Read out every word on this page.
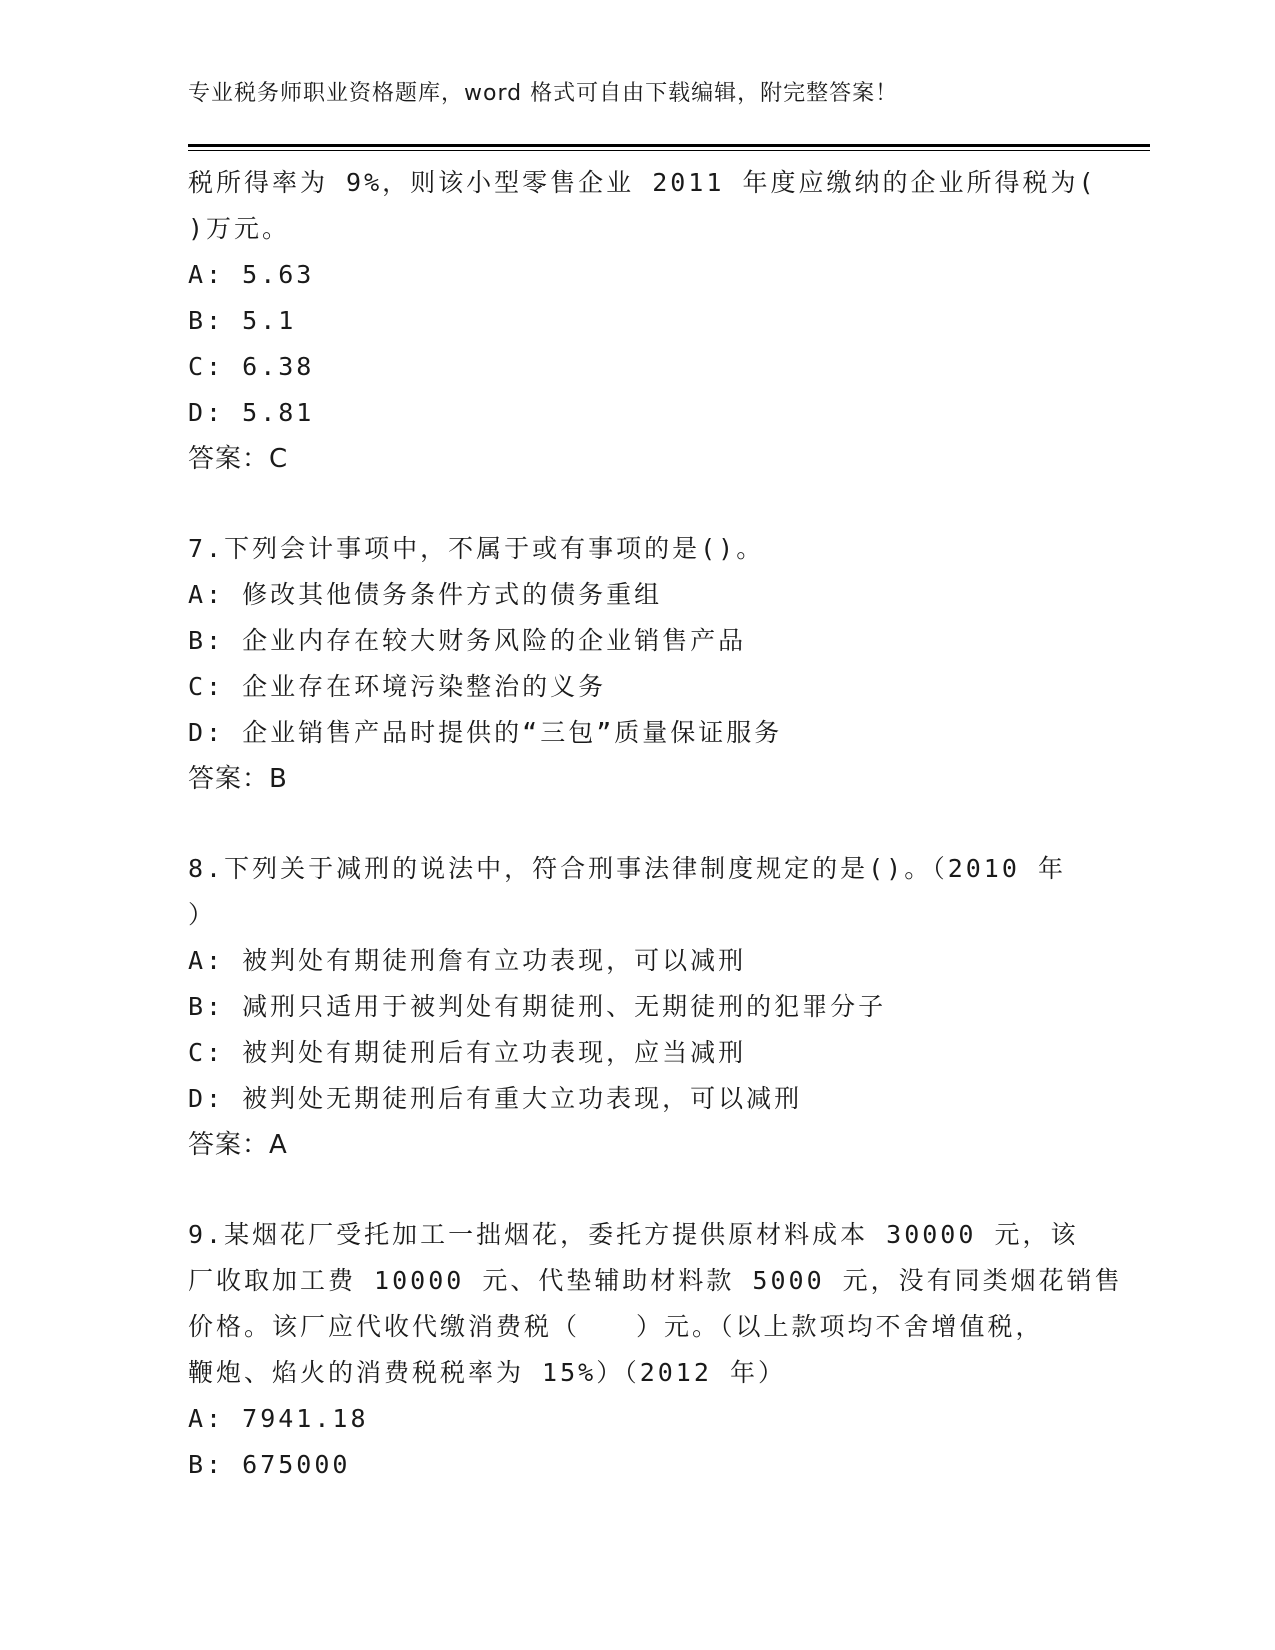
专业税务师职业资格题库，word 格式可自由下载编辑，附完整答案！
税所得率为 9%，则该小型零售企业 2011 年度应缴纳的企业所得税为(
)万元。
A: 5.63
B: 5.1
C: 6.38
D: 5.81
答案：C
7.下列会计事项中，不属于或有事项的是()。
A: 修改其他债务条件方式的债务重组
B: 企业内存在较大财务风险的企业销售产品
C: 企业存在环境污染整治的义务
D: 企业销售产品时提供的“三包”质量保证服务
答案：B
8.下列关于减刑的说法中，符合刑事法律制度规定的是()。（2010 年
）
A: 被判处有期徒刑詹有立功表现，可以减刑
B: 减刑只适用于被判处有期徒刑、无期徒刑的犯罪分子
C: 被判处有期徒刑后有立功表现，应当减刑
D: 被判处无期徒刑后有重大立功表现，可以减刑
答案：A
9.某烟花厂受托加工一拙烟花，委托方提供原材料成本 30000 元，该
厂收取加工费 10000 元、代垫辅助材料款 5000 元，没有同类烟花销售
价格。该厂应代收代缴消费税（　　）元。（以上款项均不舍增值税，
鞭炮、焰火的消费税税率为 15%）（2012 年）
A: 7941.18
B: 675000
